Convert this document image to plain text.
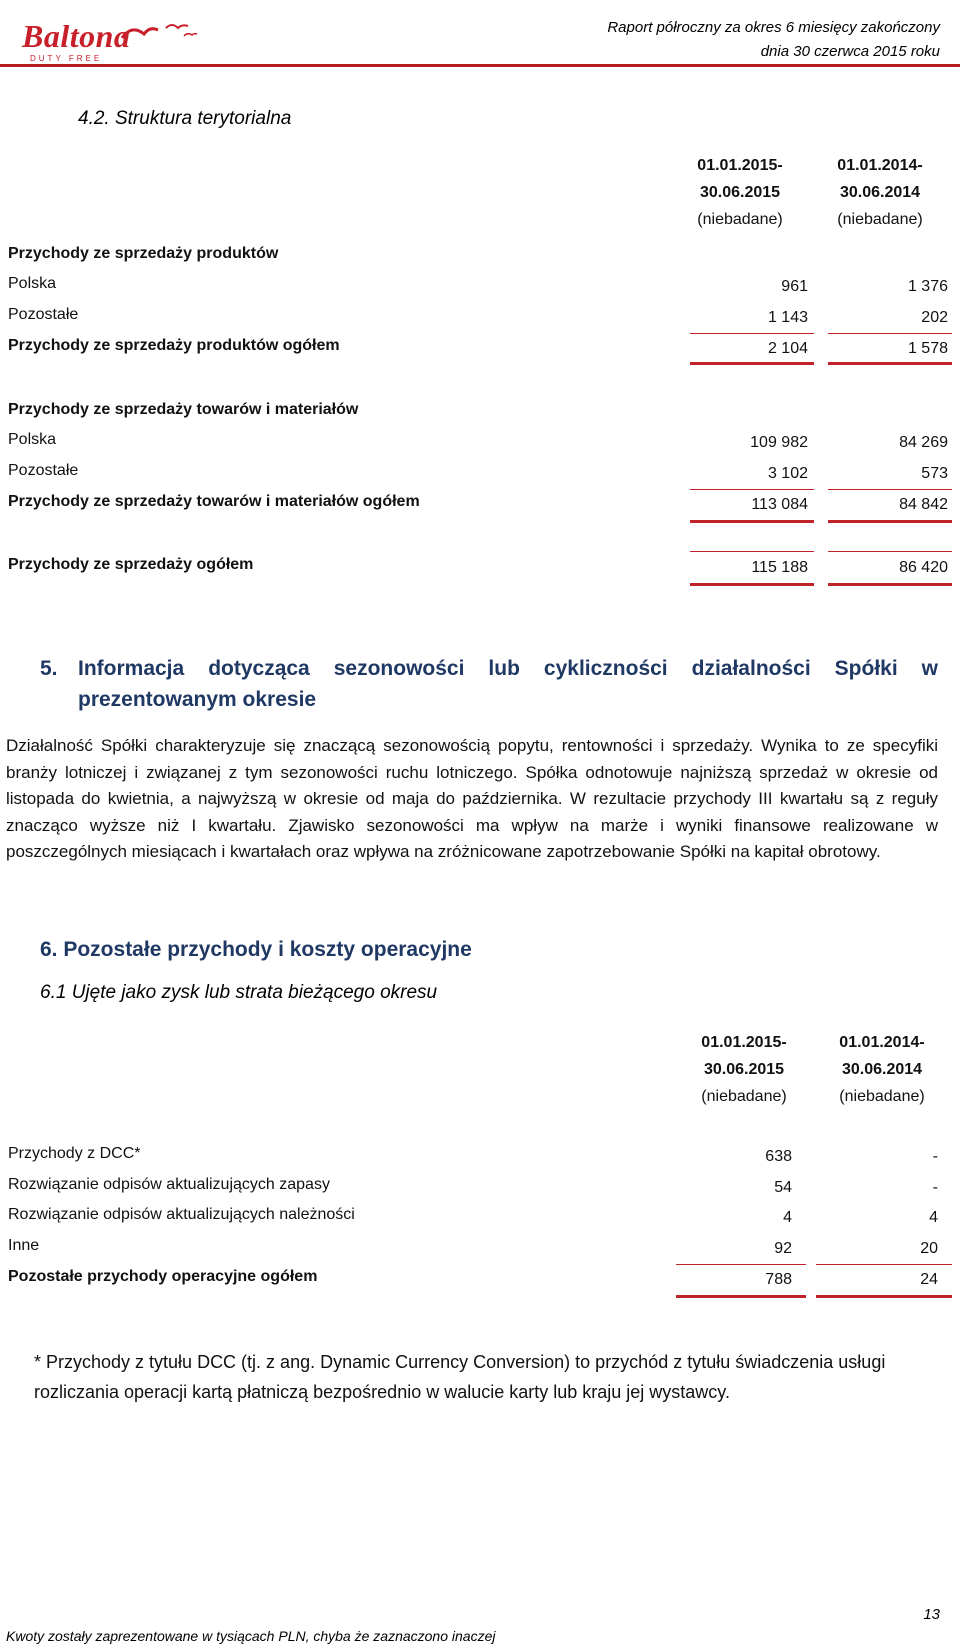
Baltona
DUTY FREE
Raport półroczny za okres 6 miesięcy zakończony
dnia 30 czerwca 2015 roku
4.2. Struktura terytorialna
01.01.2015-
30.06.2015
(niebadane)
01.01.2014-
30.06.2014
(niebadane)
Przychody ze sprzedaży produktów
Polska	961	1 376
Pozostałe	1 143	202
Przychody ze sprzedaży produktów ogółem	2 104	1 578
Przychody ze sprzedaży towarów i materiałów
Polska	109 982	84 269
Pozostałe	3 102	573
Przychody ze sprzedaży towarów i materiałów ogółem	113 084	84 842
Przychody ze sprzedaży ogółem	115 188	86 420
5. Informacja dotycząca sezonowości lub cykliczności działalności Spółki w
prezentowanym okresie
Działalność Spółki charakteryzuje się znaczącą sezonowością popytu, rentowności i sprzedaży. Wynika to ze specyfiki branży lotniczej i związanej z tym sezonowości ruchu lotniczego. Spółka odnotowuje najniższą sprzedaż w okresie od listopada do kwietnia, a najwyższą w okresie od maja do października. W rezultacie przychody III kwartału są z reguły znacząco wyższe niż I kwartału. Zjawisko sezonowości ma wpływ na marże i wyniki finansowe realizowane w poszczególnych miesiącach i kwartałach oraz wpływa na zróżnicowane zapotrzebowanie Spółki na kapitał obrotowy.
6. Pozostałe przychody i koszty operacyjne
6.1 Ujęte jako zysk lub strata bieżącego okresu
01.01.2015-
30.06.2015
(niebadane)
01.01.2014-
30.06.2014
(niebadane)
Przychody z DCC*	638	-
Rozwiązanie odpisów aktualizujących zapasy	54	-
Rozwiązanie odpisów aktualizujących należności	4	4
Inne	92	20
Pozostałe przychody operacyjne ogółem	788	24
* Przychody z tytułu DCC (tj. z ang. Dynamic Currency Conversion) to przychód z tytułu świadczenia usługi rozliczania operacji kartą płatniczą bezpośrednio w walucie karty lub kraju jej wystawcy.
13
Kwoty zostały zaprezentowane w tysiącach PLN, chyba że zaznaczono inaczej
